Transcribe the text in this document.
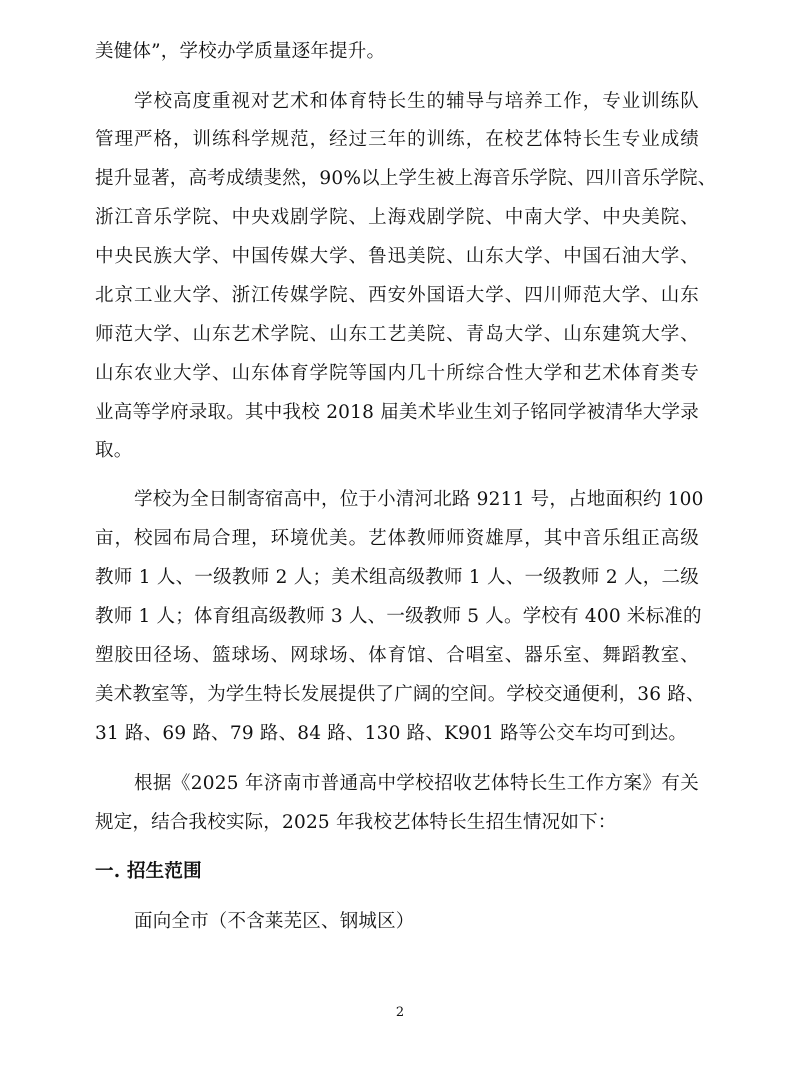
美健体”，学校办学质量逐年提升。
学校高度重视对艺术和体育特长生的辅导与培养工作，专业训练队
管理严格，训练科学规范，经过三年的训练，在校艺体特长生专业成绩
提升显著，高考成绩斐然，90%以上学生被上海音乐学院、四川音乐学院、
浙江音乐学院、中央戏剧学院、上海戏剧学院、中南大学、中央美院、
中央民族大学、中国传媒大学、鲁迅美院、山东大学、中国石油大学、
北京工业大学、浙江传媒学院、西安外国语大学、四川师范大学、山东
师范大学、山东艺术学院、山东工艺美院、青岛大学、山东建筑大学、
山东农业大学、山东体育学院等国内几十所综合性大学和艺术体育类专
业高等学府录取。其中我校 2018 届美术毕业生刘子铭同学被清华大学录
取。
学校为全日制寄宿高中，位于小清河北路 9211 号，占地面积约 100
亩，校园布局合理，环境优美。艺体教师师资雄厚，其中音乐组正高级
教师 1 人、一级教师 2 人；美术组高级教师 1 人、一级教师 2 人，二级
教师 1 人；体育组高级教师 3 人、一级教师 5 人。学校有 400 米标准的
塑胶田径场、篮球场、网球场、体育馆、合唱室、器乐室、舞蹈教室、
美术教室等，为学生特长发展提供了广阔的空间。学校交通便利，36 路、
31 路、69 路、79 路、84 路、130 路、K901 路等公交车均可到达。
根据《2025 年济南市普通高中学校招收艺体特长生工作方案》有关
规定，结合我校实际，2025 年我校艺体特长生招生情况如下：
一. 招生范围
面向全市（不含莱芜区、钢城区）
2
